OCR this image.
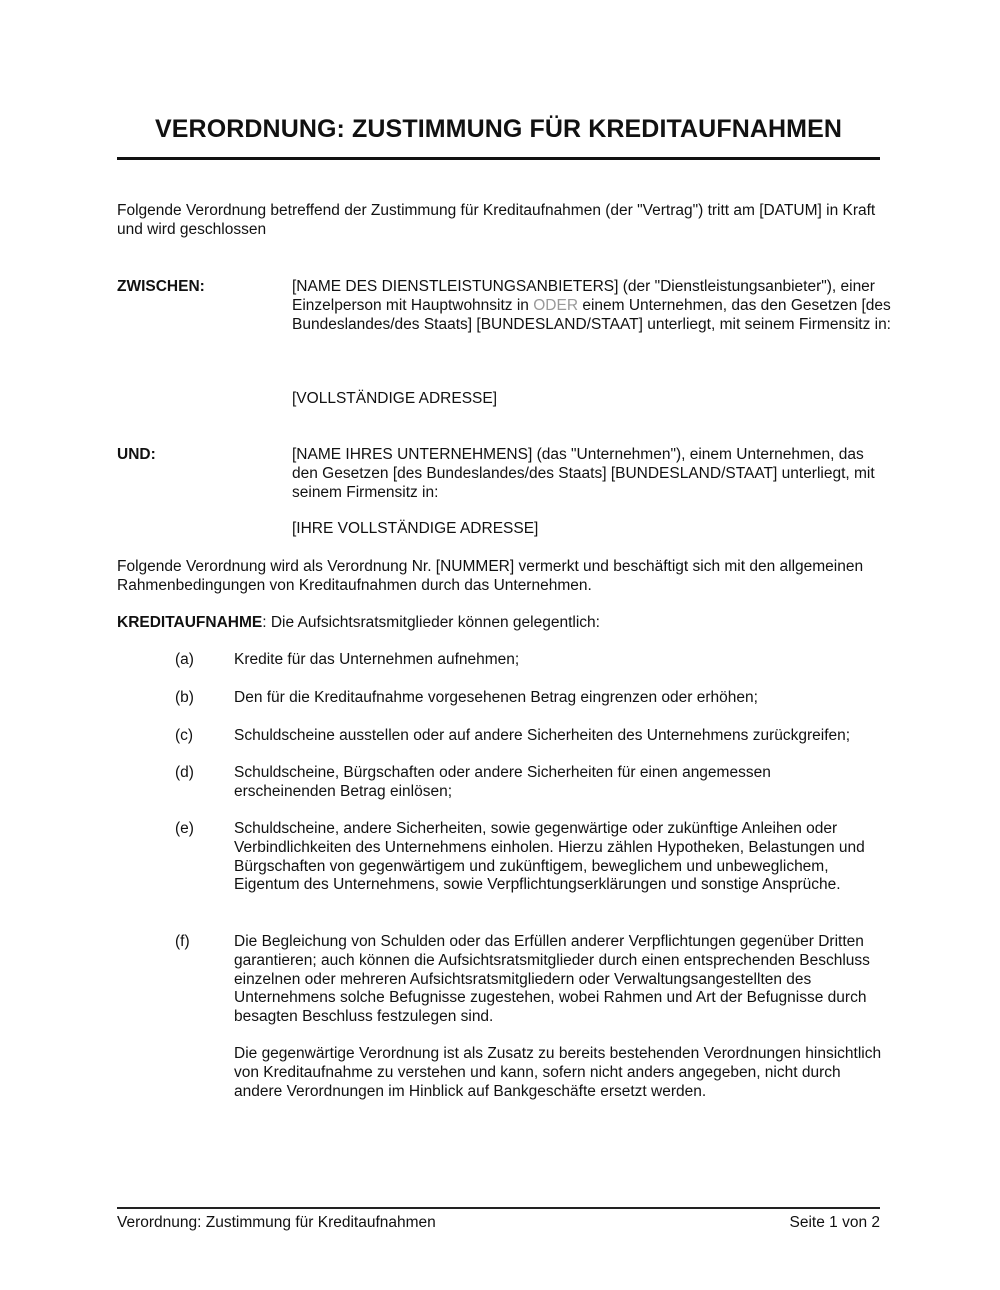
VERORDNUNG: ZUSTIMMUNG FÜR KREDITAUFNAHMEN
Folgende Verordnung betreffend der Zustimmung für Kreditaufnahmen (der "Vertrag") tritt am [DATUM] in Kraft und wird geschlossen
ZWISCHEN:	[NAME DES DIENSTLEISTUNGSANBIETERS] (der "Dienstleistungsanbieter"), einer Einzelperson mit Hauptwohnsitz in ODER einem Unternehmen, das den Gesetzen [des Bundeslandes/des Staats] [BUNDESLAND/STAAT] unterliegt, mit seinem Firmensitz in:
[VOLLSTÄNDIGE ADRESSE]
UND:	[NAME IHRES UNTERNEHMENS] (das "Unternehmen"), einem Unternehmen, das den Gesetzen [des Bundeslandes/des Staats] [BUNDESLAND/STAAT] unterliegt, mit seinem Firmensitz in:
[IHRE VOLLSTÄNDIGE ADRESSE]
Folgende Verordnung wird als Verordnung Nr. [NUMMER] vermerkt und beschäftigt sich mit den allgemeinen Rahmenbedingungen von Kreditaufnahmen durch das Unternehmen.
KREDITAUFNAHME: Die Aufsichtsratsmitglieder können gelegentlich:
(a)	Kredite für das Unternehmen aufnehmen;
(b)	Den für die Kreditaufnahme vorgesehenen Betrag eingrenzen oder erhöhen;
(c)	Schuldscheine ausstellen oder auf andere Sicherheiten des Unternehmens zurückgreifen;
(d)	Schuldscheine, Bürgschaften oder andere Sicherheiten für einen angemessen erscheinenden Betrag einlösen;
(e)	Schuldscheine, andere Sicherheiten, sowie gegenwärtige oder zukünftige Anleihen oder Verbindlichkeiten des Unternehmens einholen. Hierzu zählen Hypotheken, Belastungen und Bürgschaften von gegenwärtigem und zukünftigem, beweglichem und unbeweglichem, Eigentum des Unternehmens, sowie Verpflichtungserklärungen und sonstige Ansprüche.
(f)	Die Begleichung von Schulden oder das Erfüllen anderer Verpflichtungen gegenüber Dritten garantieren; auch können die Aufsichtsratsmitglieder durch einen entsprechenden Beschluss einzelnen oder mehreren Aufsichtsratsmitgliedern oder Verwaltungsangestellten des Unternehmens solche Befugnisse zugestehen, wobei Rahmen und Art der Befugnisse durch besagten Beschluss festzulegen sind.
Die gegenwärtige Verordnung ist als Zusatz zu bereits bestehenden Verordnungen hinsichtlich von Kreditaufnahme zu verstehen und kann, sofern nicht anders angegeben, nicht durch andere Verordnungen im Hinblick auf Bankgeschäfte ersetzt werden.
Verordnung: Zustimmung für Kreditaufnahmen	Seite 1 von 2
